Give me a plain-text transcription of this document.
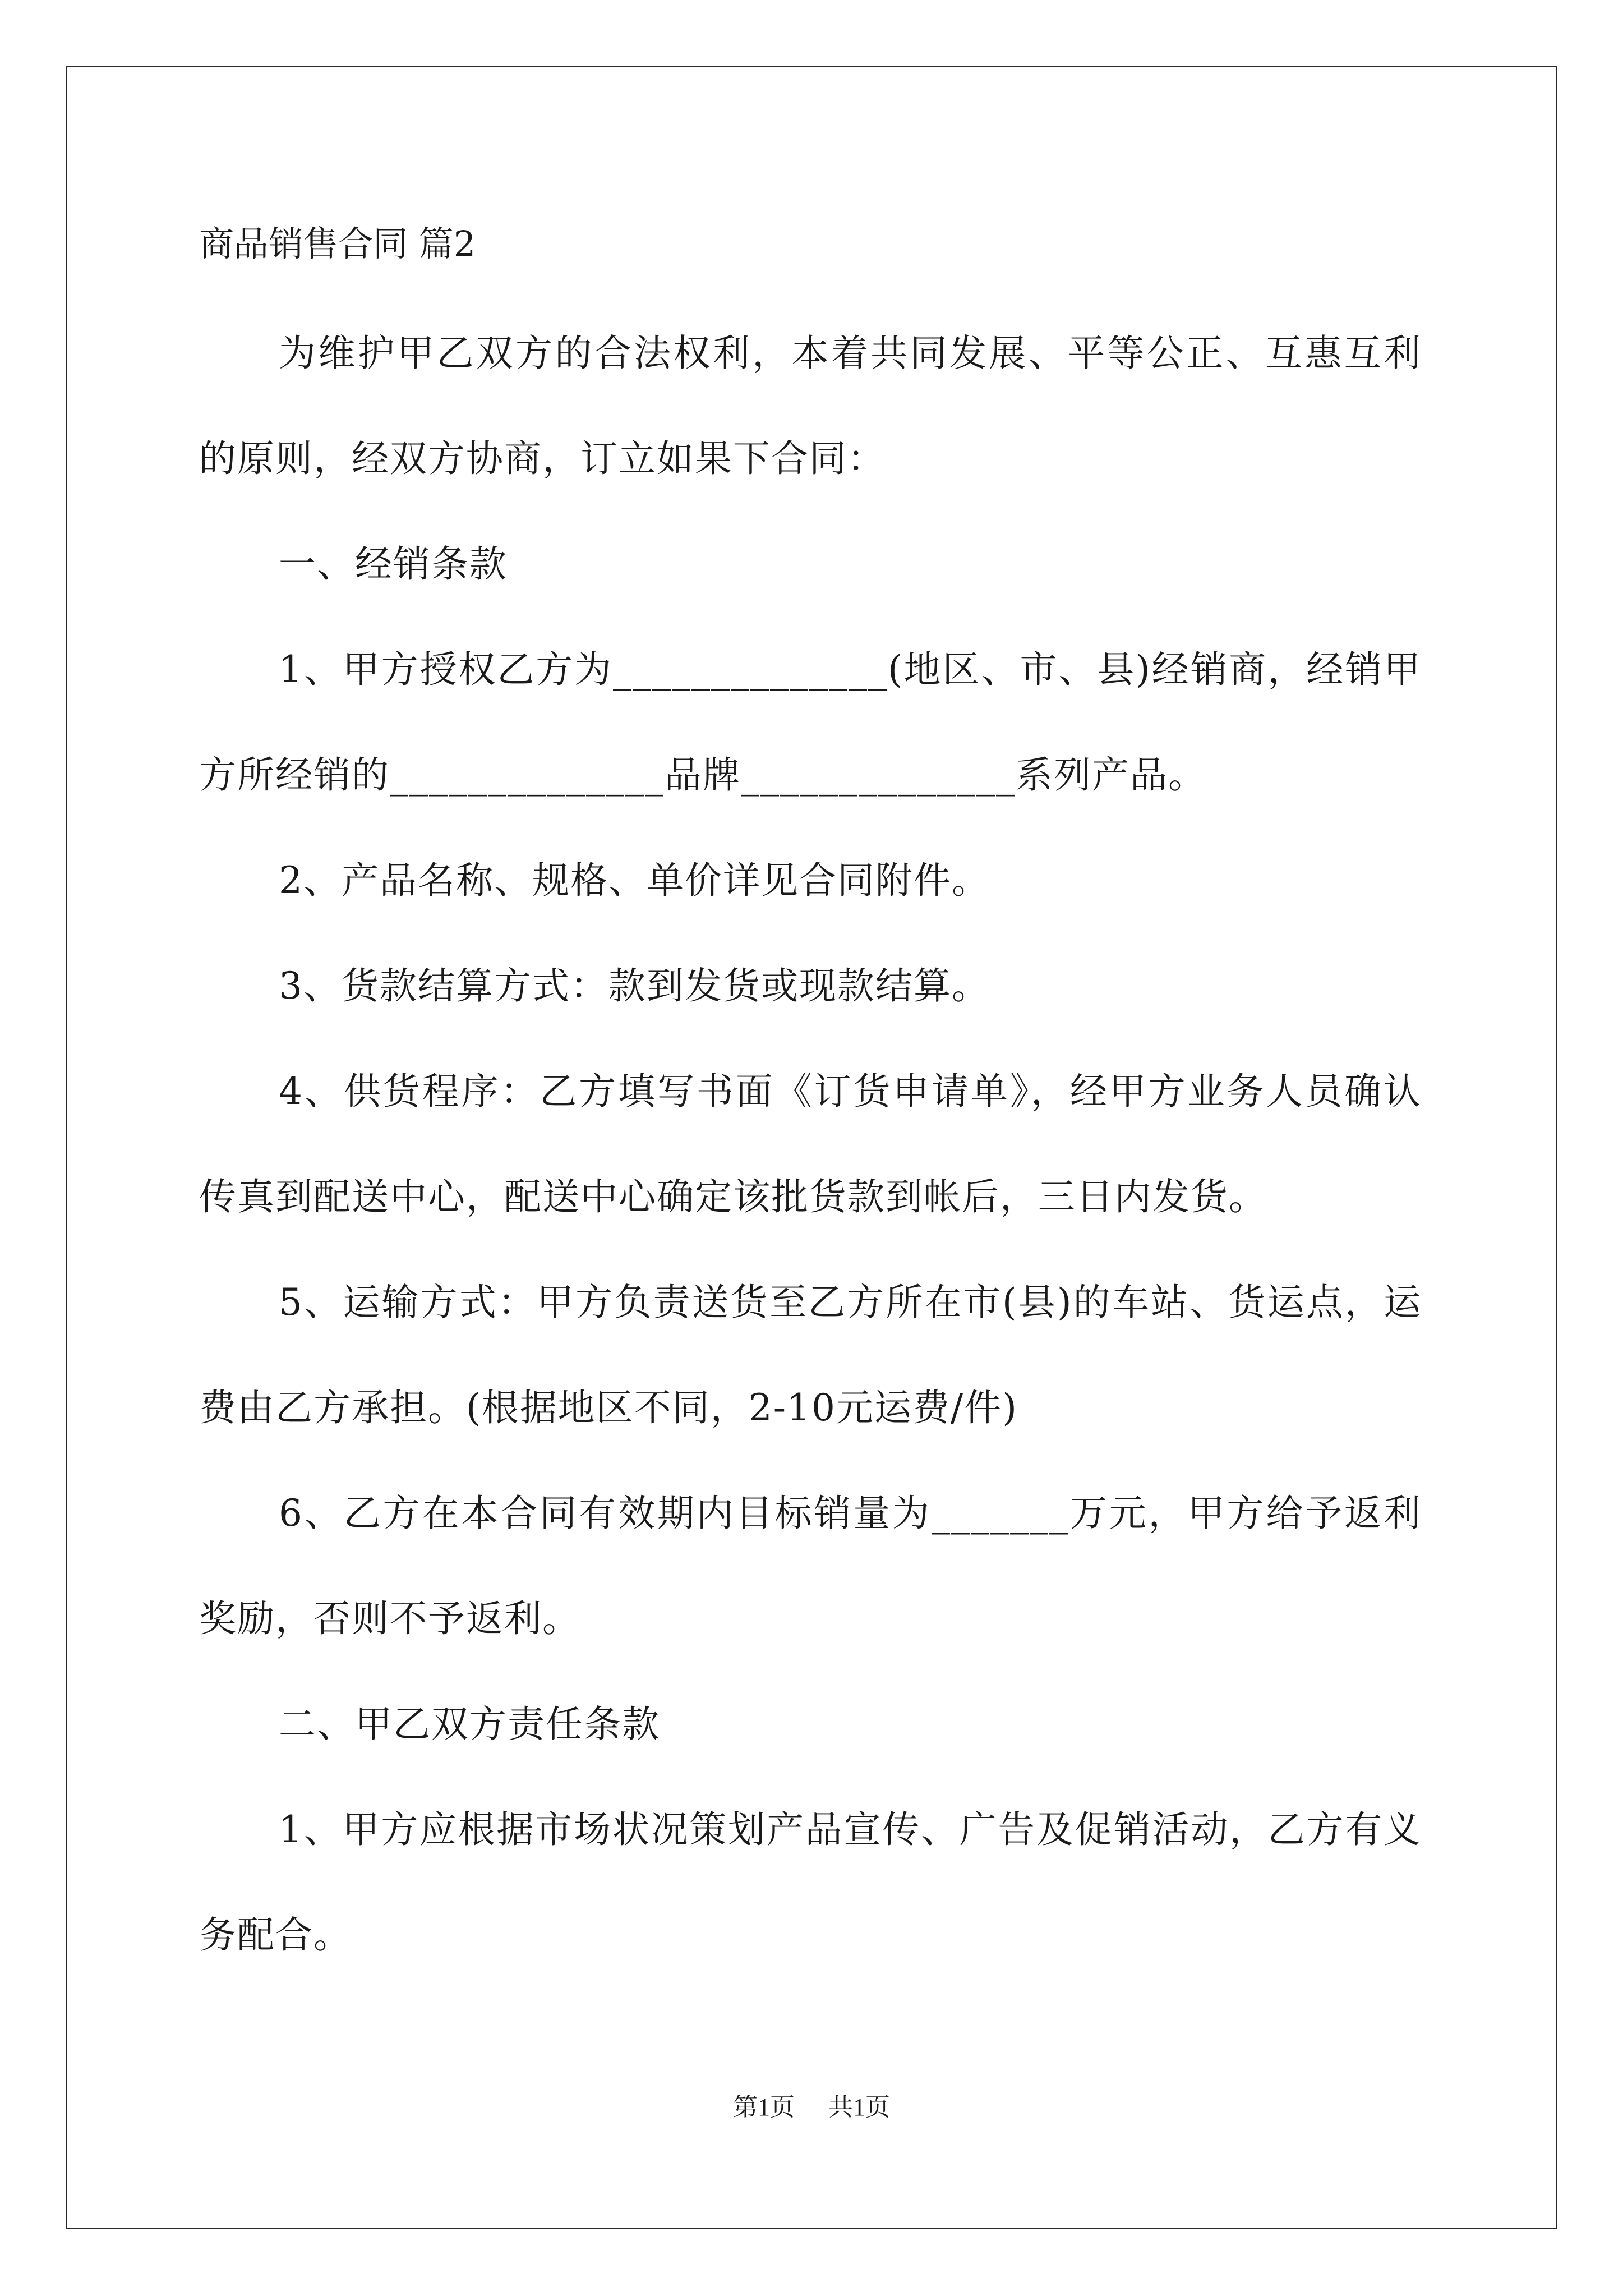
商品销售合同 篇2

为维护甲乙双方的合法权利，本着共同发展、平等公正、互惠互利的原则，经双方协商，订立如果下合同：

一、经销条款

1、甲方授权乙方为______________(地区、市、县)经销商，经销甲方所经销的______________品牌______________系列产品。

2、产品名称、规格、单价详见合同附件。

3、货款结算方式：款到发货或现款结算。

4、供货程序：乙方填写书面《订货申请单》，经甲方业务人员确认传真到配送中心，配送中心确定该批货款到帐后，三日内发货。

5、运输方式：甲方负责送货至乙方所在市(县)的车站、货运点，运费由乙方承担。(根据地区不同，2-10元运费/件)

6、乙方在本合同有效期内目标销量为_______万元，甲方给予返利奖励，否则不予返利。

二、甲乙双方责任条款

1、甲方应根据市场状况策划产品宣传、广告及促销活动，乙方有义务配合。

第1页 共1页
